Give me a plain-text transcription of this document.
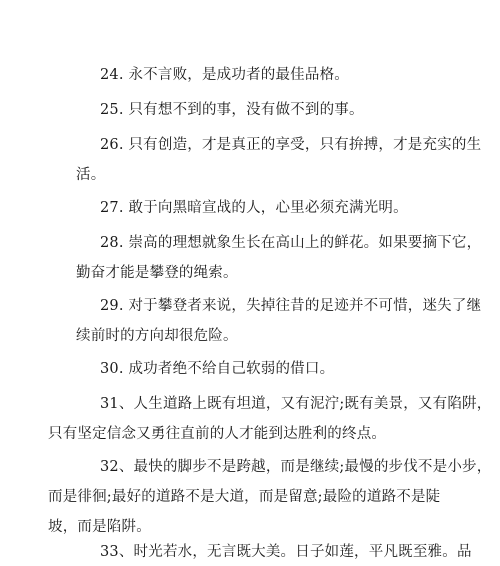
24. 永不言败，是成功者的最佳品格。

25. 只有想不到的事，没有做不到的事。

26. 只有创造，才是真正的享受，只有拚搏，才是充实的生
活。

27. 敢于向黑暗宣战的人，心里必须充满光明。

28. 崇高的理想就象生长在高山上的鲜花。如果要摘下它，
勤奋才能是攀登的绳索。

29. 对于攀登者来说，失掉往昔的足迹并不可惜，迷失了继
续前时的方向却很危险。

30. 成功者绝不给自己软弱的借口。

31、人生道路上既有坦道，又有泥泞;既有美景，又有陷阱，
只有坚定信念又勇往直前的人才能到达胜利的终点。

32、最快的脚步不是跨越，而是继续;最慢的步伐不是小步，
而是徘徊;最好的道路不是大道，而是留意;最险的道路不是陡
坡，而是陷阱。

33、时光若水，无言既大美。日子如莲，平凡既至雅。品
